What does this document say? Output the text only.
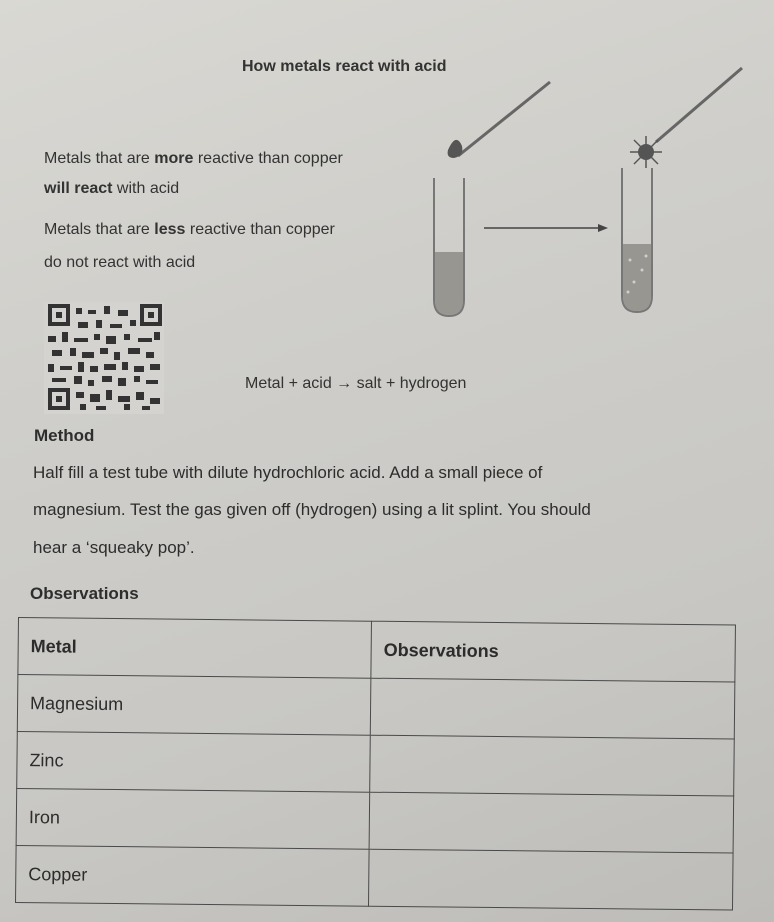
How metals react with acid
Metals that are more reactive than copper
will react with acid
Metals that are less reactive than copper
do not react with acid
Metal + acid → salt + hydrogen
Method
Half fill a test tube with dilute hydrochloric acid. Add a small piece of
magnesium. Test the gas given off (hydrogen) using a lit splint. You should
hear a ‘squeaky pop’.
Observations
Metal	Observations
Magnesium	
Zinc	
Iron	
Copper	
